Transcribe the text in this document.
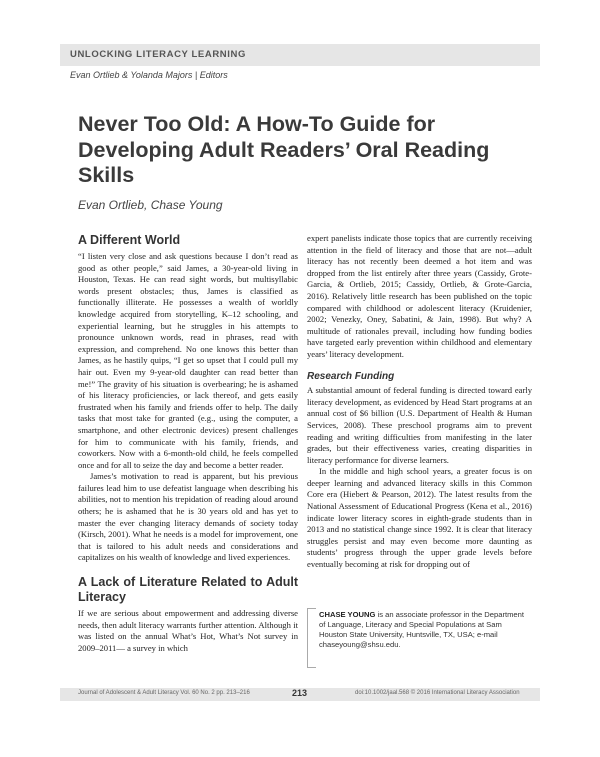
UNLOCKING LITERACY LEARNING
Evan Ortlieb & Yolanda Majors | Editors
Never Too Old: A How-To Guide for Developing Adult Readers’ Oral Reading Skills
Evan Ortlieb, Chase Young
A Different World

“I listen very close and ask questions because I don’t read as good as other people,” said James, a 30-year-old living in Houston, Texas. He can read sight words, but multisyllabic words present obstacles; thus, James is classified as functionally illiterate. He possesses a wealth of worldly knowledge acquired from storytelling, K–12 schooling, and experiential learning, but he struggles in his attempts to pronounce unknown words, read in phrases, read with expression, and comprehend. No one knows this better than James, as he hastily quips, “I get so upset that I could pull my hair out. Even my 9-year-old daughter can read better than me!” The gravity of his situation is overbearing; he is ashamed of his literacy proficiencies, or lack thereof, and gets easily frustrated when his family and friends offer to help. The daily tasks that most take for granted (e.g., using the computer, a smartphone, and other electronic devices) present challenges for him to communicate with his family, friends, and coworkers. Now with a 6-month-old child, he feels compelled once and for all to seize the day and become a better reader.

James’s motivation to read is apparent, but his previous failures lead him to use defeatist language when describing his abilities, not to mention his trepidation of reading aloud around others; he is ashamed that he is 30 years old and has yet to master the ever changing literacy demands of society today (Kirsch, 2001). What he needs is a model for improvement, one that is tailored to his adult needs and considerations and capitalizes on his wealth of knowledge and lived experiences.

A Lack of Literature Related to Adult Literacy

If we are serious about empowerment and addressing diverse needs, then adult literacy warrants further attention. Although it was listed on the annual What’s Hot, What’s Not survey in 2009–2011— a survey in which

expert panelists indicate those topics that are currently receiving attention in the field of literacy and those that are not—adult literacy has not recently been deemed a hot item and was dropped from the list entirely after three years (Cassidy, Grote-Garcia, & Ortlieb, 2015; Cassidy, Ortlieb, & Grote-Garcia, 2016). Relatively little research has been published on the topic compared with childhood or adolescent literacy (Kruidenier, 2002; Venezky, Oney, Sabatini, & Jain, 1998). But why? A multitude of rationales prevail, including how funding bodies have targeted early prevention within childhood and elementary years’ literacy development.

Research Funding

A substantial amount of federal funding is directed toward early literacy development, as evidenced by Head Start programs at an annual cost of $6 billion (U.S. Department of Health & Human Services, 2008). These preschool programs aim to prevent reading and writing difficulties from manifesting in the later grades, but their effectiveness varies, creating disparities in literacy performance for diverse learners.

In the middle and high school years, a greater focus is on deeper learning and advanced literacy skills in this Common Core era (Hiebert & Pearson, 2012). The latest results from the National Assessment of Educational Progress (Kena et al., 2016) indicate lower literacy scores in eighth-grade students than in 2013 and no statistical change since 1992. It is clear that literacy struggles persist and may even become more daunting as students’ progress through the upper grade levels before eventually becoming at risk for dropping out of

CHASE YOUNG is an associate professor in the Department of Language, Literacy and Special Populations at Sam Houston State University, Huntsville, TX, USA; e-mail chaseyoung@shsu.edu.
Journal of Adolescent & Adult Literacy Vol. 60 No. 2 pp. 213–216	213	doi:10.1002/jaal.568 © 2016 International Literacy Association
